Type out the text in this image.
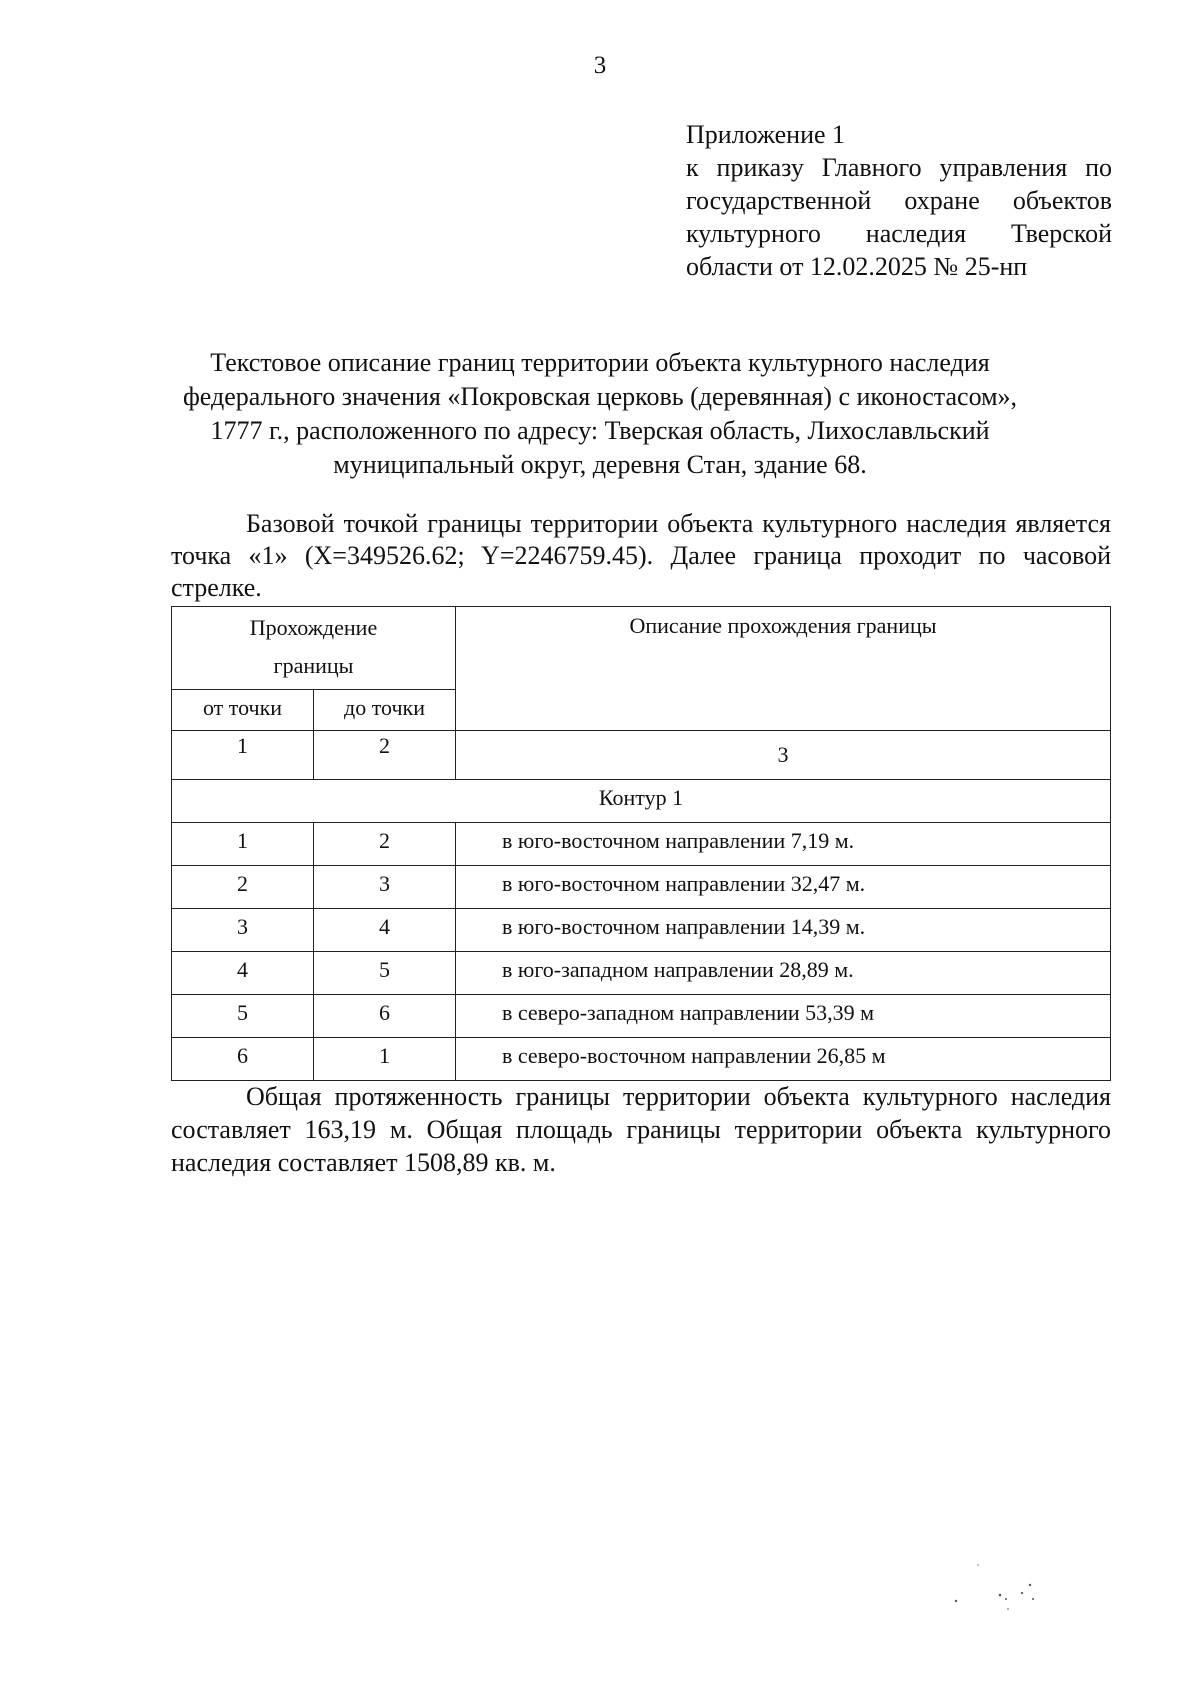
3
Приложение 1
к приказу Главного управления по
государственной охране объектов
культурного наследия Тверской
области от 12.02.2025 № 25-нп
Текстовое описание границ территории объекта культурного наследия
федерального значения «Покровская церковь (деревянная) с иконостасом»,
1777 г., расположенного по адресу: Тверская область, Лихославльский
муниципальный округ, деревня Стан, здание 68.
Базовой точкой границы территории объекта культурного наследия является точка «1» (X=349526.62; Y=2246759.45). Далее граница проходит по часовой стрелке.
Прохождение
границы		Описание прохождения границы
от точки	до точки	
1	2	3
Контур 1		
1	2	в юго-восточном направлении 7,19 м.
2	3	в юго-восточном направлении 32,47 м.
3	4	в юго-восточном направлении 14,39 м.
4	5	в юго-западном направлении 28,89 м.
5	6	в северо-западном направлении 53,39 м
6	1	в северо-восточном направлении 26,85 м
Общая протяженность границы территории объекта культурного наследия составляет 163,19 м. Общая площадь границы территории объекта культурного наследия составляет 1508,89 кв. м.
